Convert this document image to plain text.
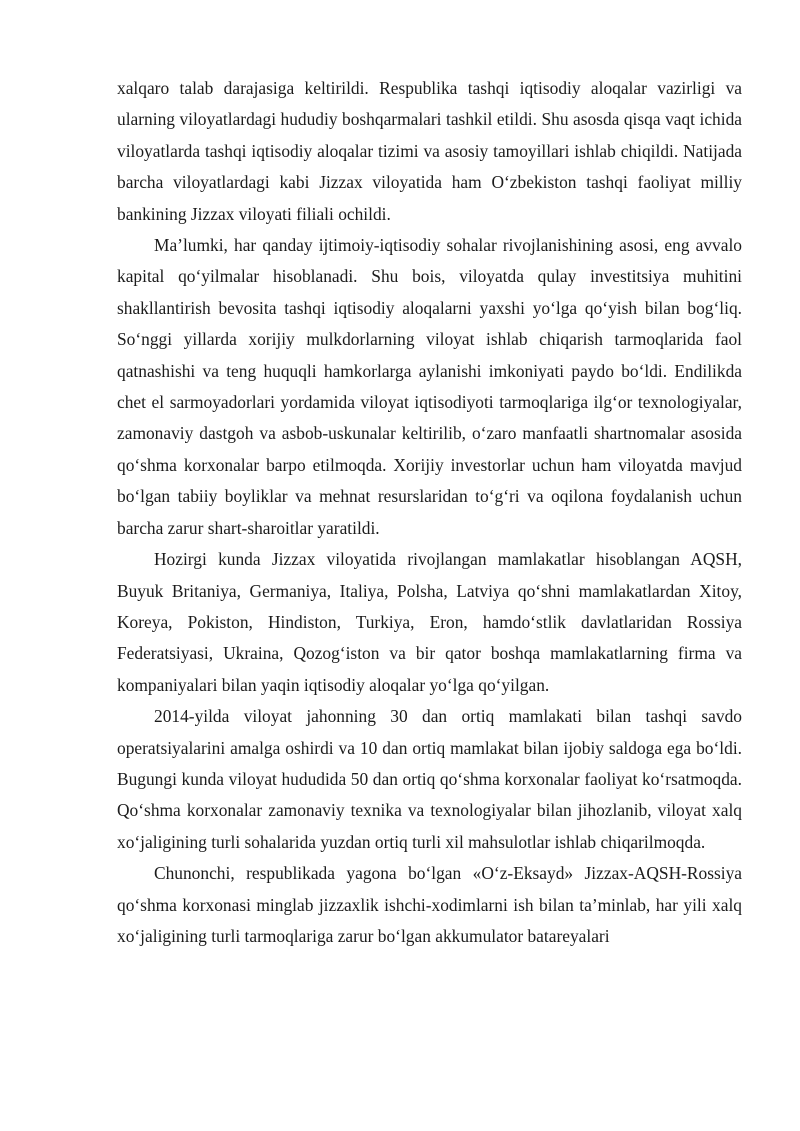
xalqaro talab darajasiga keltirildi. Respublika tashqi iqtisodiy aloqalar vazirligi va ularning viloyatlardagi hududiy boshqarmalari tashkil etildi. Shu asosda qisqa vaqt ichida viloyatlarda tashqi iqtisodiy aloqalar tizimi va asosiy tamoyillari ishlab chiqildi. Natijada barcha viloyatlardagi kabi Jizzax viloyatida ham O‘zbekiston tashqi faoliyat milliy bankining Jizzax viloyati filiali ochildi.

Ma’lumki, har qanday ijtimoiy-iqtisodiy sohalar rivojlanishining asosi, eng avvalo kapital qo‘yilmalar hisoblanadi. Shu bois, viloyatda qulay investitsiya muhitini shakllantirish bevosita tashqi iqtisodiy aloqalarni yaxshi yo‘lga qo‘yish bilan bog‘liq. So‘nggi yillarda xorijiy mulkdorlarning viloyat ishlab chiqarish tarmoqlarida faol qatnashishi va teng huquqli hamkorlarga aylanishi imkoniyati paydo bo‘ldi. Endilikda chet el sarmoyadorlari yordamida viloyat iqtisodiyoti tarmoqlariga ilg‘or texnologiyalar, zamonaviy dastgoh va asbob-uskunalar keltirilib, o‘zaro manfaatli shartnomalar asosida qo‘shma korxonalar barpo etilmoqda. Xorijiy investorlar uchun ham viloyatda mavjud bo‘lgan tabiiy boyliklar va mehnat resurslaridan to‘g‘ri va oqilona foydalanish uchun barcha zarur shart-sharoitlar yaratildi.

Hozirgi kunda Jizzax viloyatida rivojlangan mamlakatlar hisoblangan AQSH, Buyuk Britaniya, Germaniya, Italiya, Polsha, Latviya qo‘shni mamlakatlardan Xitoy, Koreya, Pokiston, Hindiston, Turkiya, Eron, hamdo‘stlik davlatlaridan Rossiya Federatsiyasi, Ukraina, Qozog‘iston va bir qator boshqa mamlakatlarning firma va kompaniyalari bilan yaqin iqtisodiy aloqalar yo‘lga qo‘yilgan.

2014-yilda viloyat jahonning 30 dan ortiq mamlakati bilan tashqi savdo operatsiyalarini amalga oshirdi va 10 dan ortiq mamlakat bilan ijobiy saldoga ega bo‘ldi. Bugungi kunda viloyat hududida 50 dan ortiq qo‘shma korxonalar faoliyat ko‘rsatmoqda. Qo‘shma korxonalar zamonaviy texnika va texnologiyalar bilan jihozlanib, viloyat xalq xo‘jaligining turli sohalarida yuzdan ortiq turli xil mahsulotlar ishlab chiqarilmoqda.

Chunonchi, respublikada yagona bo‘lgan «O‘z-Eksayd» Jizzax-AQSH-Rossiya qo‘shma korxonasi minglab jizzaxlik ishchi-xodimlarni ish bilan ta’minlab, har yili xalq xo‘jaligining turli tarmoqlariga zarur bo‘lgan akkumulator batareyalari
